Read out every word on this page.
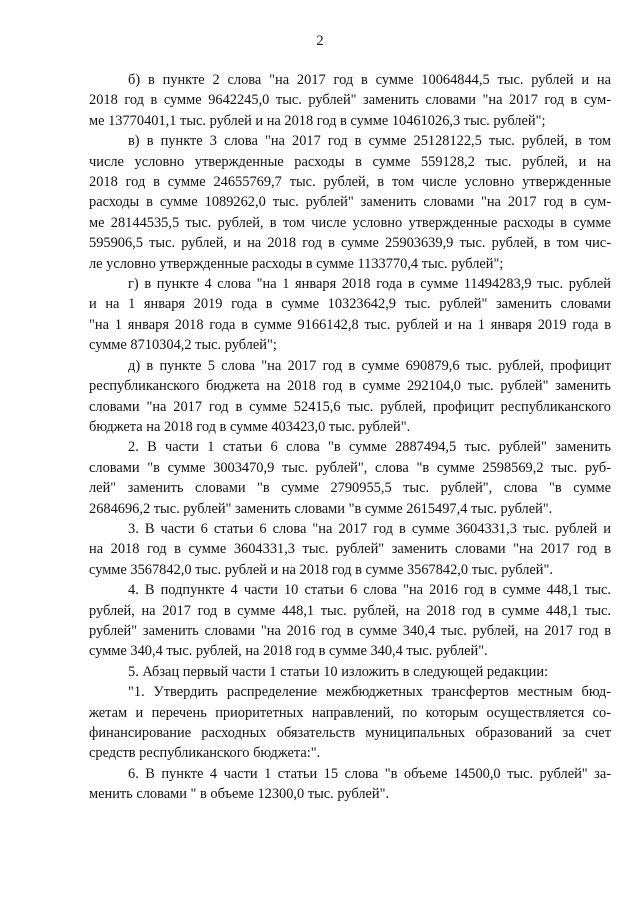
2

б) в пункте 2 слова "на 2017 год в сумме 10064844,5 тыс. рублей и на
2018 год в сумме 9642245,0 тыс. рублей" заменить словами "на 2017 год в сум-
ме 13770401,1 тыс. рублей и на 2018 год в сумме 10461026,3 тыс. рублей";

в) в пункте 3 слова "на 2017 год в сумме 25128122,5 тыс. рублей, в том
числе условно утвержденные расходы в сумме 559128,2 тыс. рублей, и на
2018 год в сумме 24655769,7 тыс. рублей, в том числе условно утвержденные
расходы в сумме 1089262,0 тыс. рублей" заменить словами "на 2017 год в сум-
ме 28144535,5 тыс. рублей, в том числе условно утвержденные расходы в сумме
595906,5 тыс. рублей, и на 2018 год в сумме 25903639,9 тыс. рублей, в том чис-
ле условно утвержденные расходы в сумме 1133770,4 тыс. рублей";

г) в пункте 4 слова "на 1 января 2018 года в сумме 11494283,9 тыс. рублей
и на 1 января 2019 года в сумме 10323642,9 тыс. рублей" заменить словами
"на 1 января 2018 года в сумме 9166142,8 тыс. рублей и на 1 января 2019 года в
сумме 8710304,2 тыс. рублей";

д) в пункте 5 слова "на 2017 год в сумме 690879,6 тыс. рублей, профицит
республиканского бюджета на 2018 год в сумме 292104,0 тыс. рублей" заменить
словами "на 2017 год в сумме 52415,6 тыс. рублей, профицит республиканского
бюджета на 2018 год в сумме 403423,0 тыс. рублей".

2. В части 1 статьи 6 слова "в сумме 2887494,5 тыс. рублей" заменить
словами "в сумме 3003470,9 тыс. рублей", слова "в сумме 2598569,2 тыс. руб-
лей" заменить словами "в сумме 2790955,5 тыс. рублей", слова "в сумме
2684696,2 тыс. рублей" заменить словами "в сумме 2615497,4 тыс. рублей".

3. В части 6 статьи 6 слова "на 2017 год в сумме 3604331,3 тыс. рублей и
на 2018 год в сумме 3604331,3 тыс. рублей" заменить словами "на 2017 год в
сумме 3567842,0 тыс. рублей и на 2018 год в сумме 3567842,0 тыс. рублей".

4. В подпункте 4 части 10 статьи 6 слова "на 2016 год в сумме 448,1 тыс.
рублей, на 2017 год в сумме 448,1 тыс. рублей, на 2018 год в сумме 448,1 тыс.
рублей" заменить словами "на 2016 год в сумме 340,4 тыс. рублей, на 2017 год в
сумме 340,4 тыс. рублей, на 2018 год в сумме 340,4 тыс. рублей".

5. Абзац первый части 1 статьи 10 изложить в следующей редакции:

"1. Утвердить распределение межбюджетных трансфертов местным бюд-
жетам и перечень приоритетных направлений, по которым осуществляется со-
финансирование расходных обязательств муниципальных образований за счет
средств республиканского бюджета:".

6. В пункте 4 части 1 статьи 15 слова "в объеме 14500,0 тыс. рублей" за-
менить словами " в объеме 12300,0 тыс. рублей".
